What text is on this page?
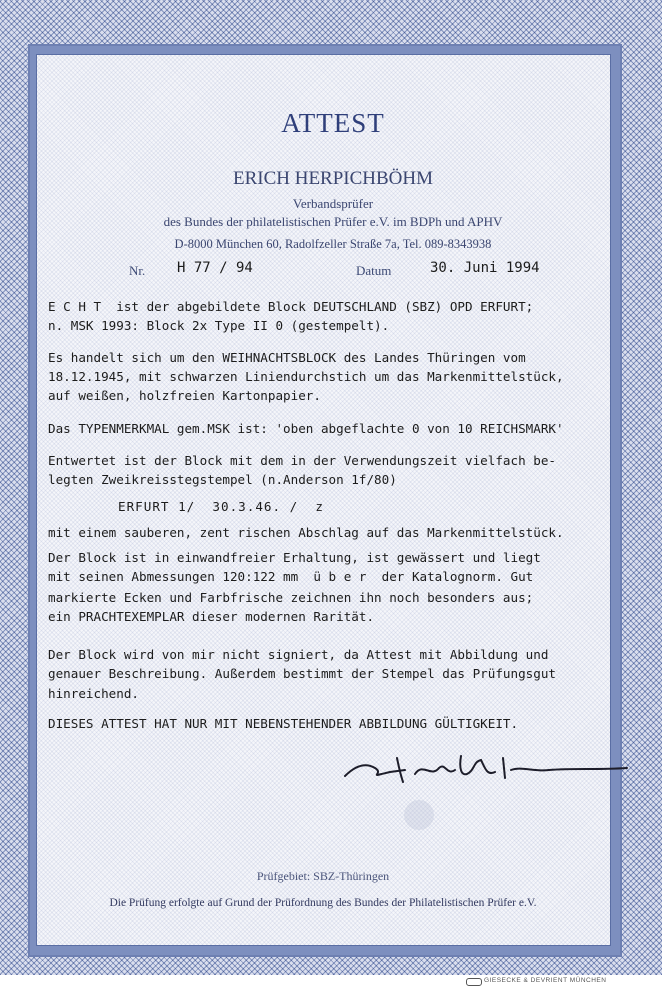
ATTEST
ERICH HERPICHBÖHM
Verbandsprüfer
des Bundes der philatelistischen Prüfer e.V. im BDPh und APHV
D-8000 München 60, Radolfzeller Straße 7a, Tel. 089-8343938
Nr. H 77 / 94	Datum	30. Juni 1994
E C H T  ist der abgebildete Block DEUTSCHLAND (SBZ) OPD ERFURT;
n. MSK 1993: Block 2x Type II 0 (gestempelt).
Es handelt sich um den WEIHNACHTSBLOCK des Landes Thüringen vom
18.12.1945, mit schwarzen Liniendurchstich um das Markenmittelstück,
auf weißen, holzfreien Kartonpapier.
Das TYPENMERKMAL gem.MSK ist: 'oben abgeflachte 0 von 10 REICHSMARK'
Entwertet ist der Block mit dem in der Verwendungszeit vielfach be-
legten Zweikreisstegstempel (n.Anderson 1f/80)
ERFURT 1/  30.3.46. /  z
mit einem sauberen, zent rischen Abschlag auf das Markenmittelstück.
Der Block ist in einwandfreier Erhaltung, ist gewässert und liegt
mit seinen Abmessungen 120:122 mm  ü b e r  der Katalognorm. Gut
markierte Ecken und Farbfrische zeichnen ihn noch besonders aus;
ein PRACHTEXEMPLAR dieser modernen Rarität.
Der Block wird von mir nicht signiert, da Attest mit Abbildung und
genauer Beschreibung. Außerdem bestimmt der Stempel das Prüfungsgut
hinreichend.
DIESES ATTEST HAT NUR MIT NEBENSTEHENDER ABBILDUNG GÜLTIGKEIT.
Prüfgebiet: SBZ-Thüringen
Die Prüfung erfolgte auf Grund der Prüfordnung des Bundes der Philatelistischen Prüfer e.V.
GIESECKE & DEVRIENT MÜNCHEN
